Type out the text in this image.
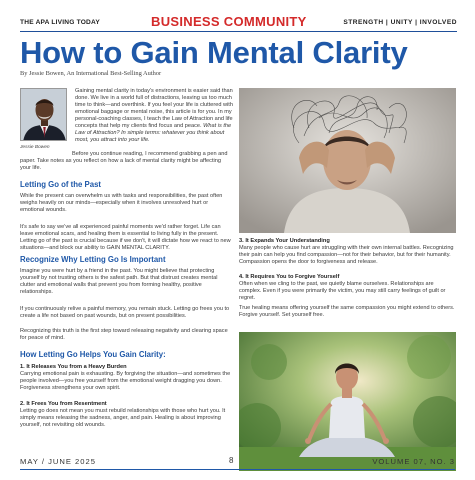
THE APA LIVING TODAY	BUSINESS COMMUNITY	STRENGTH | UNITY | INVOLVED
How to Gain Mental Clarity
By Jessie Bowen, An International Best-Selling Author
Jessie Bowen
Gaining mental clarity in today's environment is easier said than done. We live in a world full of distractions, leaving us too much time to think—and overthink. If you feel your life is cluttered with emotional baggage or mental noise, this article is for you. In my personal-coaching classes, I teach the Law of Attraction and life concepts that help my clients find focus and peace. What is the Law of Attraction? In simple terms: whatever you think about most, you attract into your life.
Before you continue reading, I recommend grabbing a pen and paper. Take notes as you reflect on how a lack of mental clarity might be affecting your life.
Letting Go of the Past
While the present can overwhelm us with tasks and responsibilities, the past often weighs heavily on our minds—especially when it involves unresolved hurt or emotional wounds.
It's safe to say we've all experienced painful moments we'd rather forget. Life can leave emotional scars, and healing them is essential to living fully in the present. Letting go of the past is crucial because if we don't, it will dictate how we react to new situations—and block our ability to GAIN MENTAL CLARITY.
Recognize Why Letting Go Is Important
Imagine you were hurt by a friend in the past. You might believe that protecting yourself by not trusting others is the safest path. But that distrust creates mental clutter and emotional walls that prevent you from forming healthy, positive relationships.
If you continuously relive a painful memory, you remain stuck. Letting go frees you to create a life not based on past wounds, but on present possibilities.
Recognizing this truth is the first step toward releasing negativity and clearing space for peace of mind.
How Letting Go Helps You Gain Clarity:
1. It Releases You from a Heavy Burden
Carrying emotional pain is exhausting. By forgiving the situation—and sometimes the people involved—you free yourself from the emotional weight dragging you down. Forgiveness strengthens your own spirit.
2. It Frees You from Resentment
Letting go does not mean you must rebuild relationships with those who hurt you. It simply means releasing the sadness, anger, and pain. Healing is about improving yourself, not revisiting old wounds.
3. It Expands Your Understanding
Many people who cause hurt are struggling with their own internal battles. Recognizing their pain can help you find compassion—not for their behavior, but for their humanity. Compassion opens the door to forgiveness and release.
4. It Requires You to Forgive Yourself
Often when we cling to the past, we quietly blame ourselves. Relationships are complex. Even if you were primarily the victim, you may still carry feelings of guilt or regret.
True healing means offering yourself the same compassion you might extend to others. Forgive yourself. Set yourself free.
MAY / JUNE 2025	8	VOLUME 07, NO. 3
